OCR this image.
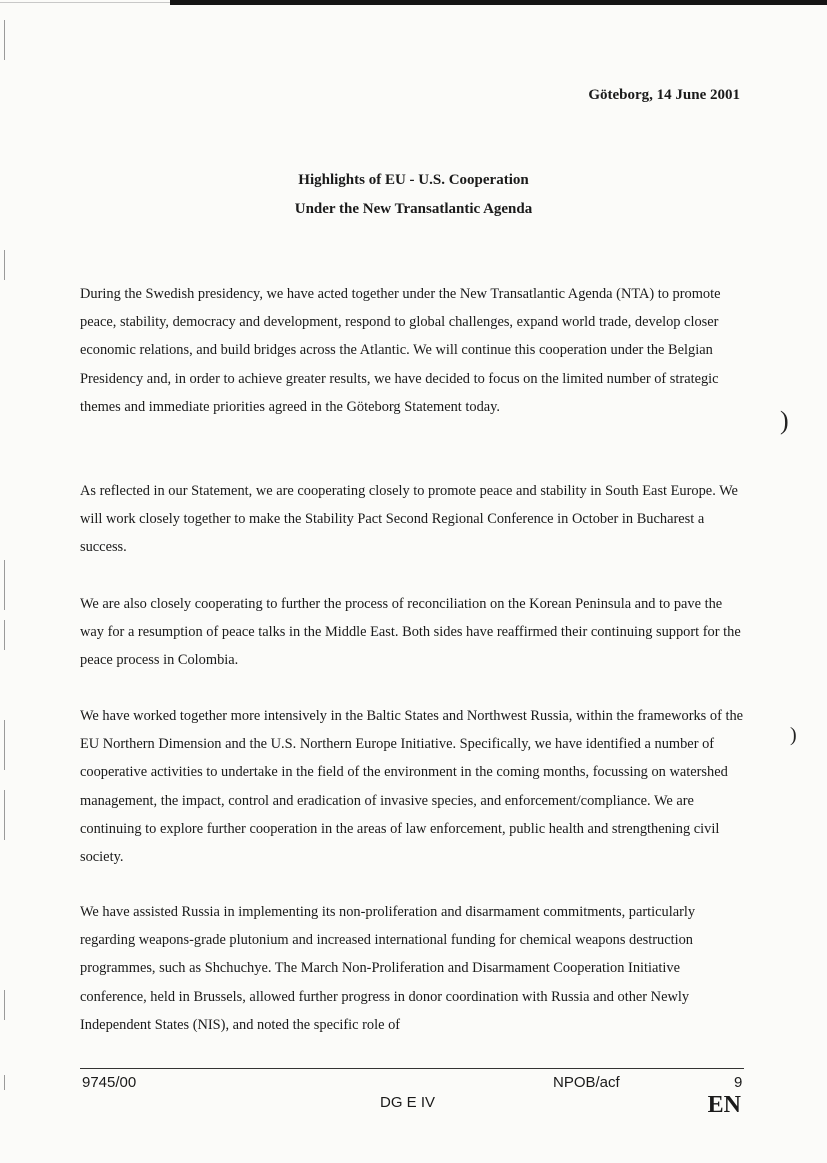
)
)
Göteborg, 14 June 2001
Highlights of EU - U.S. Cooperation
Under the New Transatlantic Agenda

During the Swedish presidency, we have acted together under the New Transatlantic Agenda (NTA) to promote peace, stability, democracy and development, respond to global challenges, expand world trade, develop closer economic relations, and build bridges across the Atlantic. We will continue this cooperation under the Belgian Presidency and, in order to achieve greater results, we have decided to focus on the limited number of strategic themes and immediate priorities agreed in the Göteborg Statement today.

As reflected in our Statement, we are cooperating closely to promote peace and stability in South East Europe. We will work closely together to make the Stability Pact Second Regional Conference in October in Bucharest a success.

We are also closely cooperating to further the process of reconciliation on the Korean Peninsula and to pave the way for a resumption of peace talks in the Middle East. Both sides have reaffirmed their continuing support for the peace process in Colombia.

We have worked together more intensively in the Baltic States and Northwest Russia, within the frameworks of the EU Northern Dimension and the U.S. Northern Europe Initiative. Specifically, we have identified a number of cooperative activities to undertake in the field of the environment in the coming months, focussing on watershed management, the impact, control and eradication of invasive species, and enforcement/compliance. We are continuing to explore further cooperation in the areas of law enforcement, public health and strengthening civil society.

We have assisted Russia in implementing its non-proliferation and disarmament commitments, particularly regarding weapons-grade plutonium and increased international funding for chemical weapons destruction programmes, such as Shchuchye. The March Non-Proliferation and Disarmament Cooperation Initiative conference, held in Brussels, allowed further progress in donor coordination with Russia and other Newly Independent States (NIS), and noted the specific role of

9745/00	NPOB/acf	9
DG E IV	EN
